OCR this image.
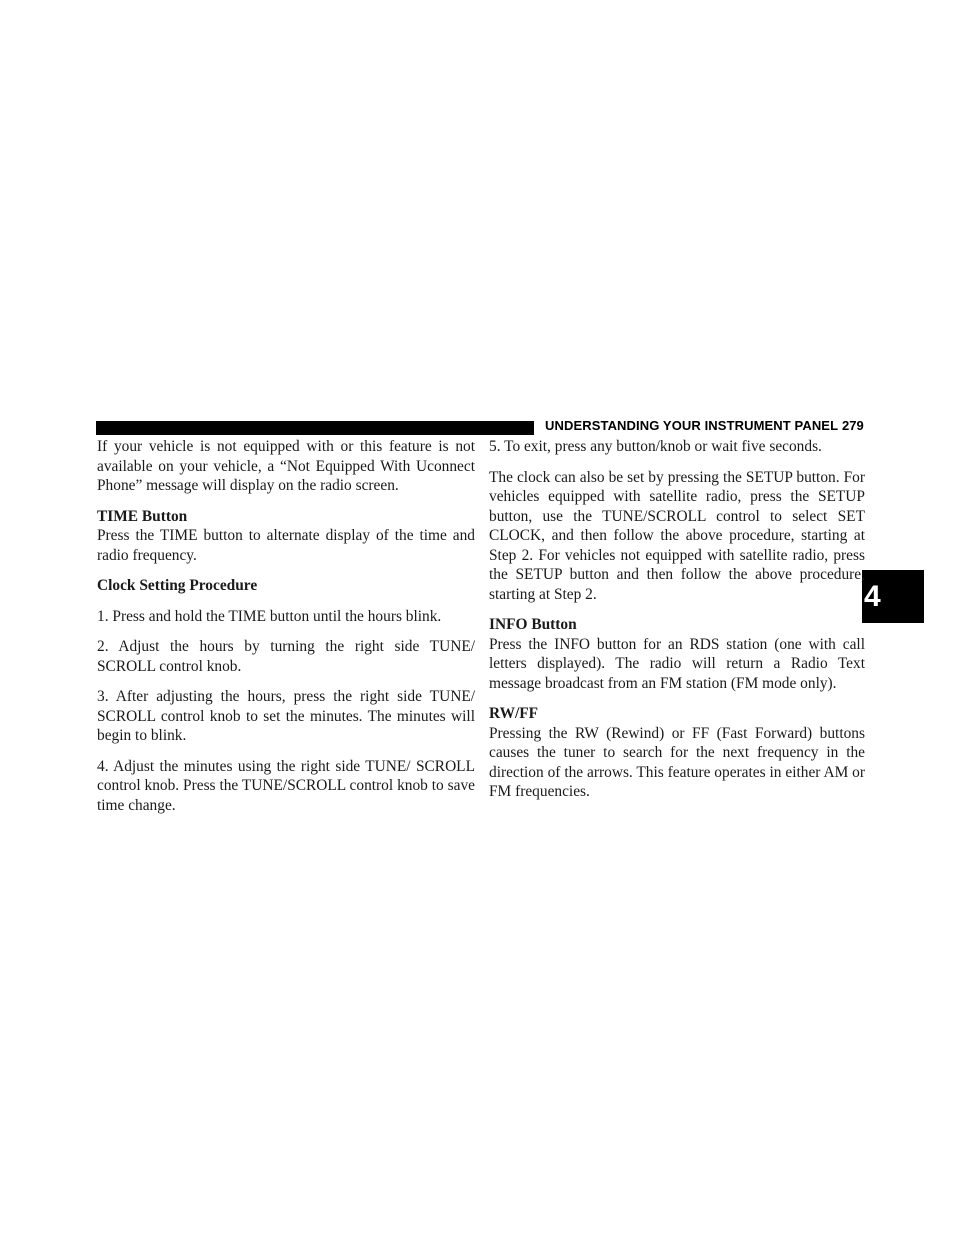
UNDERSTANDING YOUR INSTRUMENT PANEL 279
4

If your vehicle is not equipped with or this feature is not available on your vehicle, a “Not Equipped With Uconnect Phone” message will display on the radio screen.

TIME Button

Press the TIME button to alternate display of the time and radio frequency.

Clock Setting Procedure

1. Press and hold the TIME button until the hours blink.

2. Adjust the hours by turning the right side TUNE/ SCROLL control knob.

3. After adjusting the hours, press the right side TUNE/ SCROLL control knob to set the minutes. The minutes will begin to blink.

4. Adjust the minutes using the right side TUNE/ SCROLL control knob. Press the TUNE/SCROLL control knob to save time change.

5. To exit, press any button/knob or wait five seconds.

The clock can also be set by pressing the SETUP button. For vehicles equipped with satellite radio, press the SETUP button, use the TUNE/SCROLL control to select SET CLOCK, and then follow the above procedure, starting at Step 2. For vehicles not equipped with satellite radio, press the SETUP button and then follow the above procedure, starting at Step 2.

INFO Button

Press the INFO button for an RDS station (one with call letters displayed). The radio will return a Radio Text message broadcast from an FM station (FM mode only).

RW/FF

Pressing the RW (Rewind) or FF (Fast Forward) buttons causes the tuner to search for the next frequency in the direction of the arrows. This feature operates in either AM or FM frequencies.
